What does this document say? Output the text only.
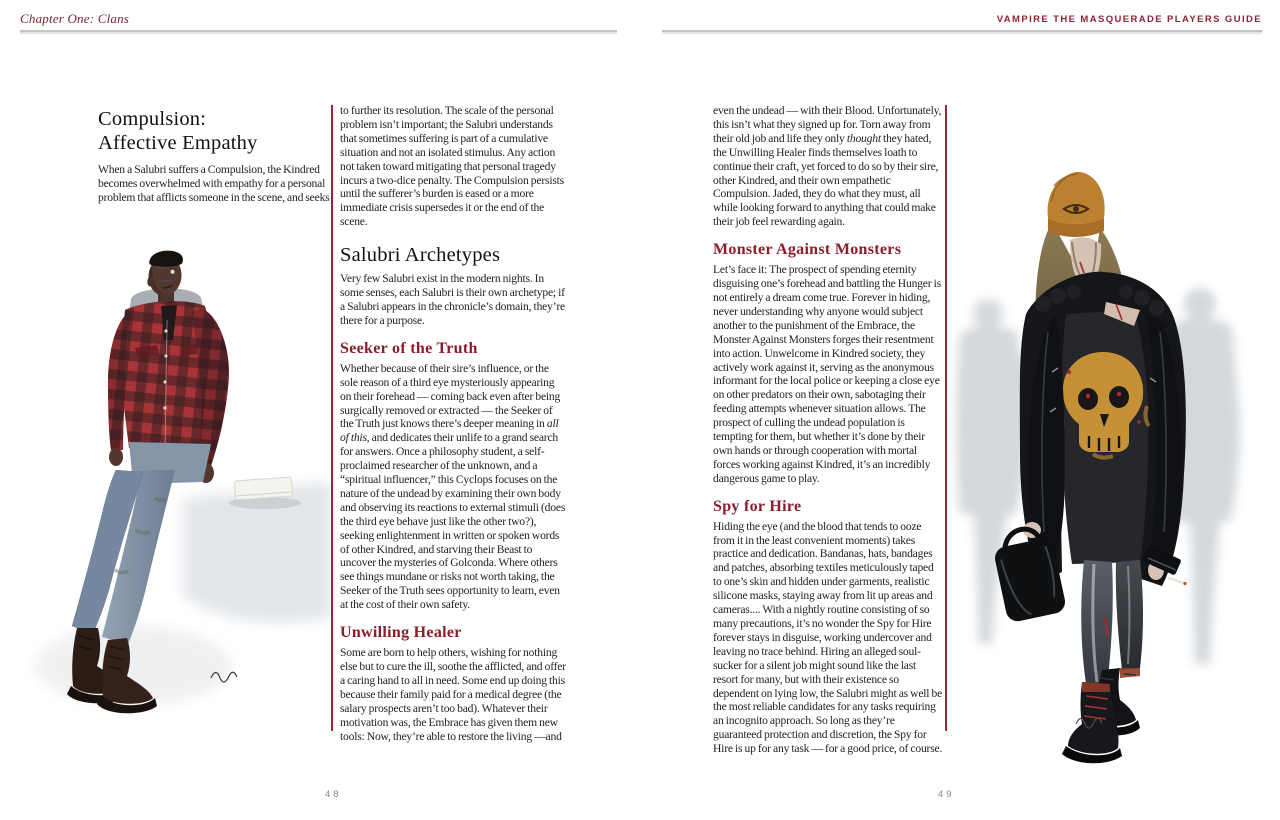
Chapter One: Clans
Compulsion:
Affective Empathy

When a Salubri suffers a Compulsion, the Kindred becomes overwhelmed with empathy for a personal problem that afflicts someone in the scene, and seeks

to further its resolution. The scale of the personal problem isn’t important; the Salubri understands that sometimes suffering is part of a cumulative situation and not an isolated stimulus. Any action not taken toward mitigating that personal tragedy incurs a two-dice penalty. The Compulsion persists until the sufferer’s burden is eased or a more immediate crisis supersedes it or the end of the scene.

Salubri Archetypes

Very few Salubri exist in the modern nights. In some senses, each Salubri is their own archetype; if a Salubri appears in the chronicle’s domain, they’re there for a purpose.

Seeker of the Truth

Whether because of their sire’s influence, or the sole reason of a third eye mysteriously appearing on their forehead — coming back even after being surgically removed or extracted — the Seeker of the Truth just knows there’s deeper meaning in all of this, and dedicates their unlife to a grand search for answers. Once a philosophy student, a self-proclaimed researcher of the unknown, and a “spiritual influencer,” this Cyclops focuses on the nature of the undead by examining their own body and observing its reactions to external stimuli (does the third eye behave just like the other two?), seeking enlightenment in written or spoken words of other Kindred, and starving their Beast to uncover the mysteries of Golconda. Where others see things mundane or risks not worth taking, the Seeker of the Truth sees opportunity to learn, even at the cost of their own safety.

Unwilling Healer

Some are born to help others, wishing for nothing else but to cure the ill, soothe the afflicted, and offer a caring hand to all in need. Some end up doing this because their family paid for a medical degree (the salary prospects aren’t too bad). Whatever their motivation was, the Embrace has given them new tools: Now, they’re able to restore the living —and

48
VAMPIRE THE MASQUERADE PLAYERS GUIDE

even the undead — with their Blood. Unfortunately, this isn’t what they signed up for. Torn away from their old job and life they only thought they hated, the Unwilling Healer finds themselves loath to continue their craft, yet forced to do so by their sire, other Kindred, and their own empathetic Compulsion. Jaded, they do what they must, all while looking forward to anything that could make their job feel rewarding again.

Monster Against Monsters

Let’s face it: The prospect of spending eternity disguising one’s forehead and battling the Hunger is not entirely a dream come true. Forever in hiding, never understanding why anyone would subject another to the punishment of the Embrace, the Monster Against Monsters forges their resentment into action. Unwelcome in Kindred society, they actively work against it, serving as the anonymous informant for the local police or keeping a close eye on other predators on their own, sabotaging their feeding attempts whenever situation allows. The prospect of culling the undead population is tempting for them, but whether it’s done by their own hands or through cooperation with mortal forces working against Kindred, it’s an incredibly dangerous game to play.

Spy for Hire

Hiding the eye (and the blood that tends to ooze from it in the least convenient moments) takes practice and dedication. Bandanas, hats, bandages and patches, absorbing textiles meticulously taped to one’s skin and hidden under garments, realistic silicone masks, staying away from lit up areas and cameras.... With a nightly routine consisting of so many precautions, it’s no wonder the Spy for Hire forever stays in disguise, working undercover and leaving no trace behind. Hiring an alleged soul-sucker for a silent job might sound like the last resort for many, but with their existence so dependent on lying low, the Salubri might as well be the most reliable candidates for any tasks requiring an incognito approach. So long as they’re guaranteed protection and discretion, the Spy for Hire is up for any task — for a good price, of course.

49
